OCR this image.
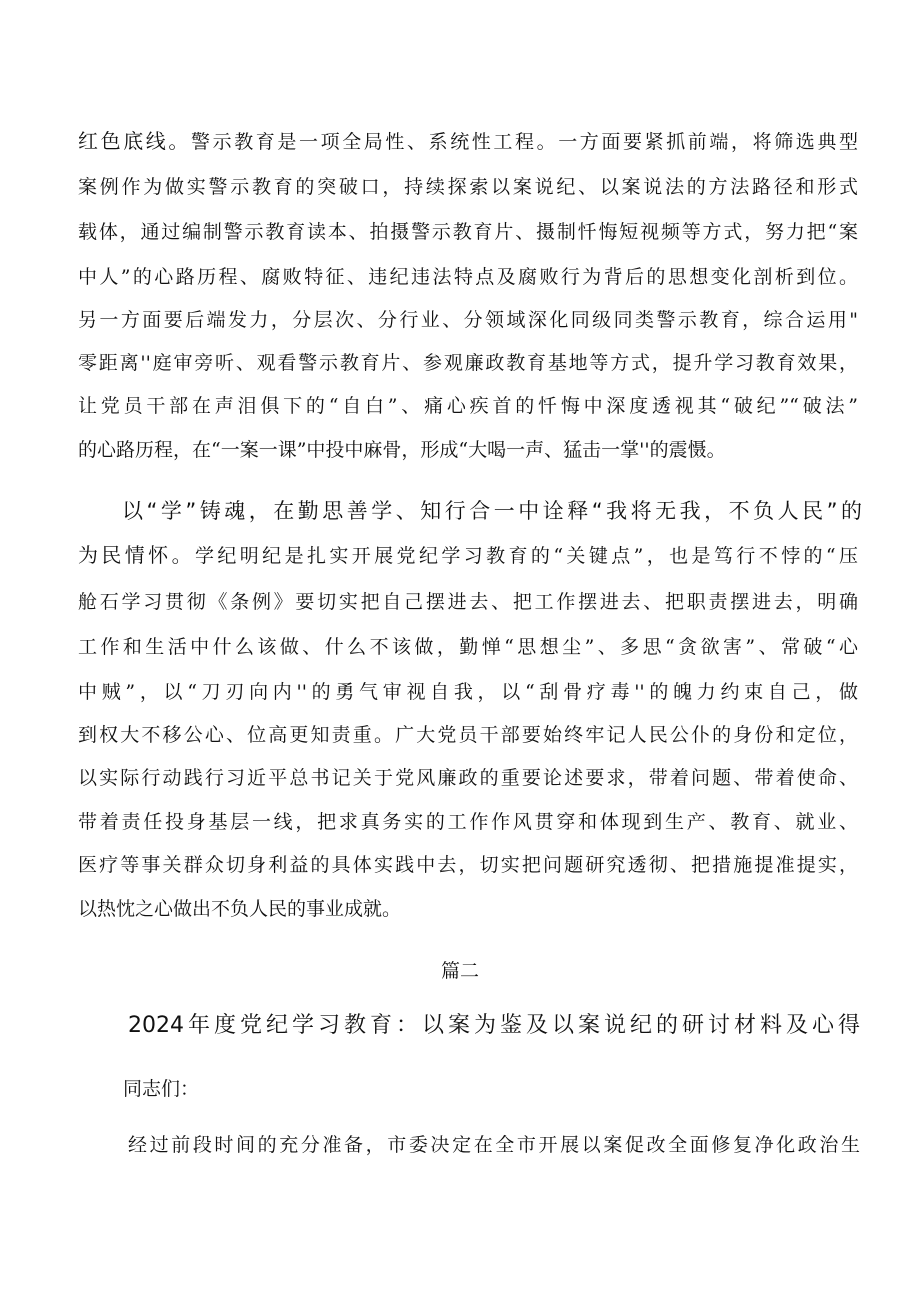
红色底线。警示教育是一项全局性、系统性工程。一方面要紧抓前端，将筛选典型
案例作为做实警示教育的突破口，持续探索以案说纪、以案说法的方法路径和形式
载体，通过编制警示教育读本、拍摄警示教育片、摄制忏悔短视频等方式，努力把“案
中人”的心路历程、腐败特征、违纪违法特点及腐败行为背后的思想变化剖析到位。
另一方面要后端发力，分层次、分行业、分领域深化同级同类警示教育，综合运用"
零距离''庭审旁听、观看警示教育片、参观廉政教育基地等方式，提升学习教育效果，
让党员干部在声泪俱下的“自白”、痛心疾首的忏悔中深度透视其“破纪”“破法”
的心路历程，在“一案一课”中投中麻骨，形成“大喝一声、猛击一掌''的震慑。
以“学”铸魂，在勤思善学、知行合一中诠释“我将无我，不负人民”的
为民情怀。学纪明纪是扎实开展党纪学习教育的“关键点”，也是笃行不悖的“压
舱石学习贯彻《条例》要切实把自己摆进去、把工作摆进去、把职责摆进去，明确
工作和生活中什么该做、什么不该做，勤惮“思想尘”、多思“贪欲害”、常破“心
中贼”，以“刀刃向内''的勇气审视自我，以“刮骨疗毒''的魄力约束自己，做
到权大不移公心、位高更知责重。广大党员干部要始终牢记人民公仆的身份和定位，
以实际行动践行习近平总书记关于党风廉政的重要论述要求，带着问题、带着使命、
带着责任投身基层一线，把求真务实的工作作风贯穿和体现到生产、教育、就业、
医疗等事关群众切身利益的具体实践中去，切实把问题研究透彻、把措施提准提实，
以热忱之心做出不负人民的事业成就。
篇二
2024年度党纪学习教育：以案为鉴及以案说纪的研讨材料及心得
同志们：
经过前段时间的充分准备，市委决定在全市开展以案促改全面修复净化政治生
